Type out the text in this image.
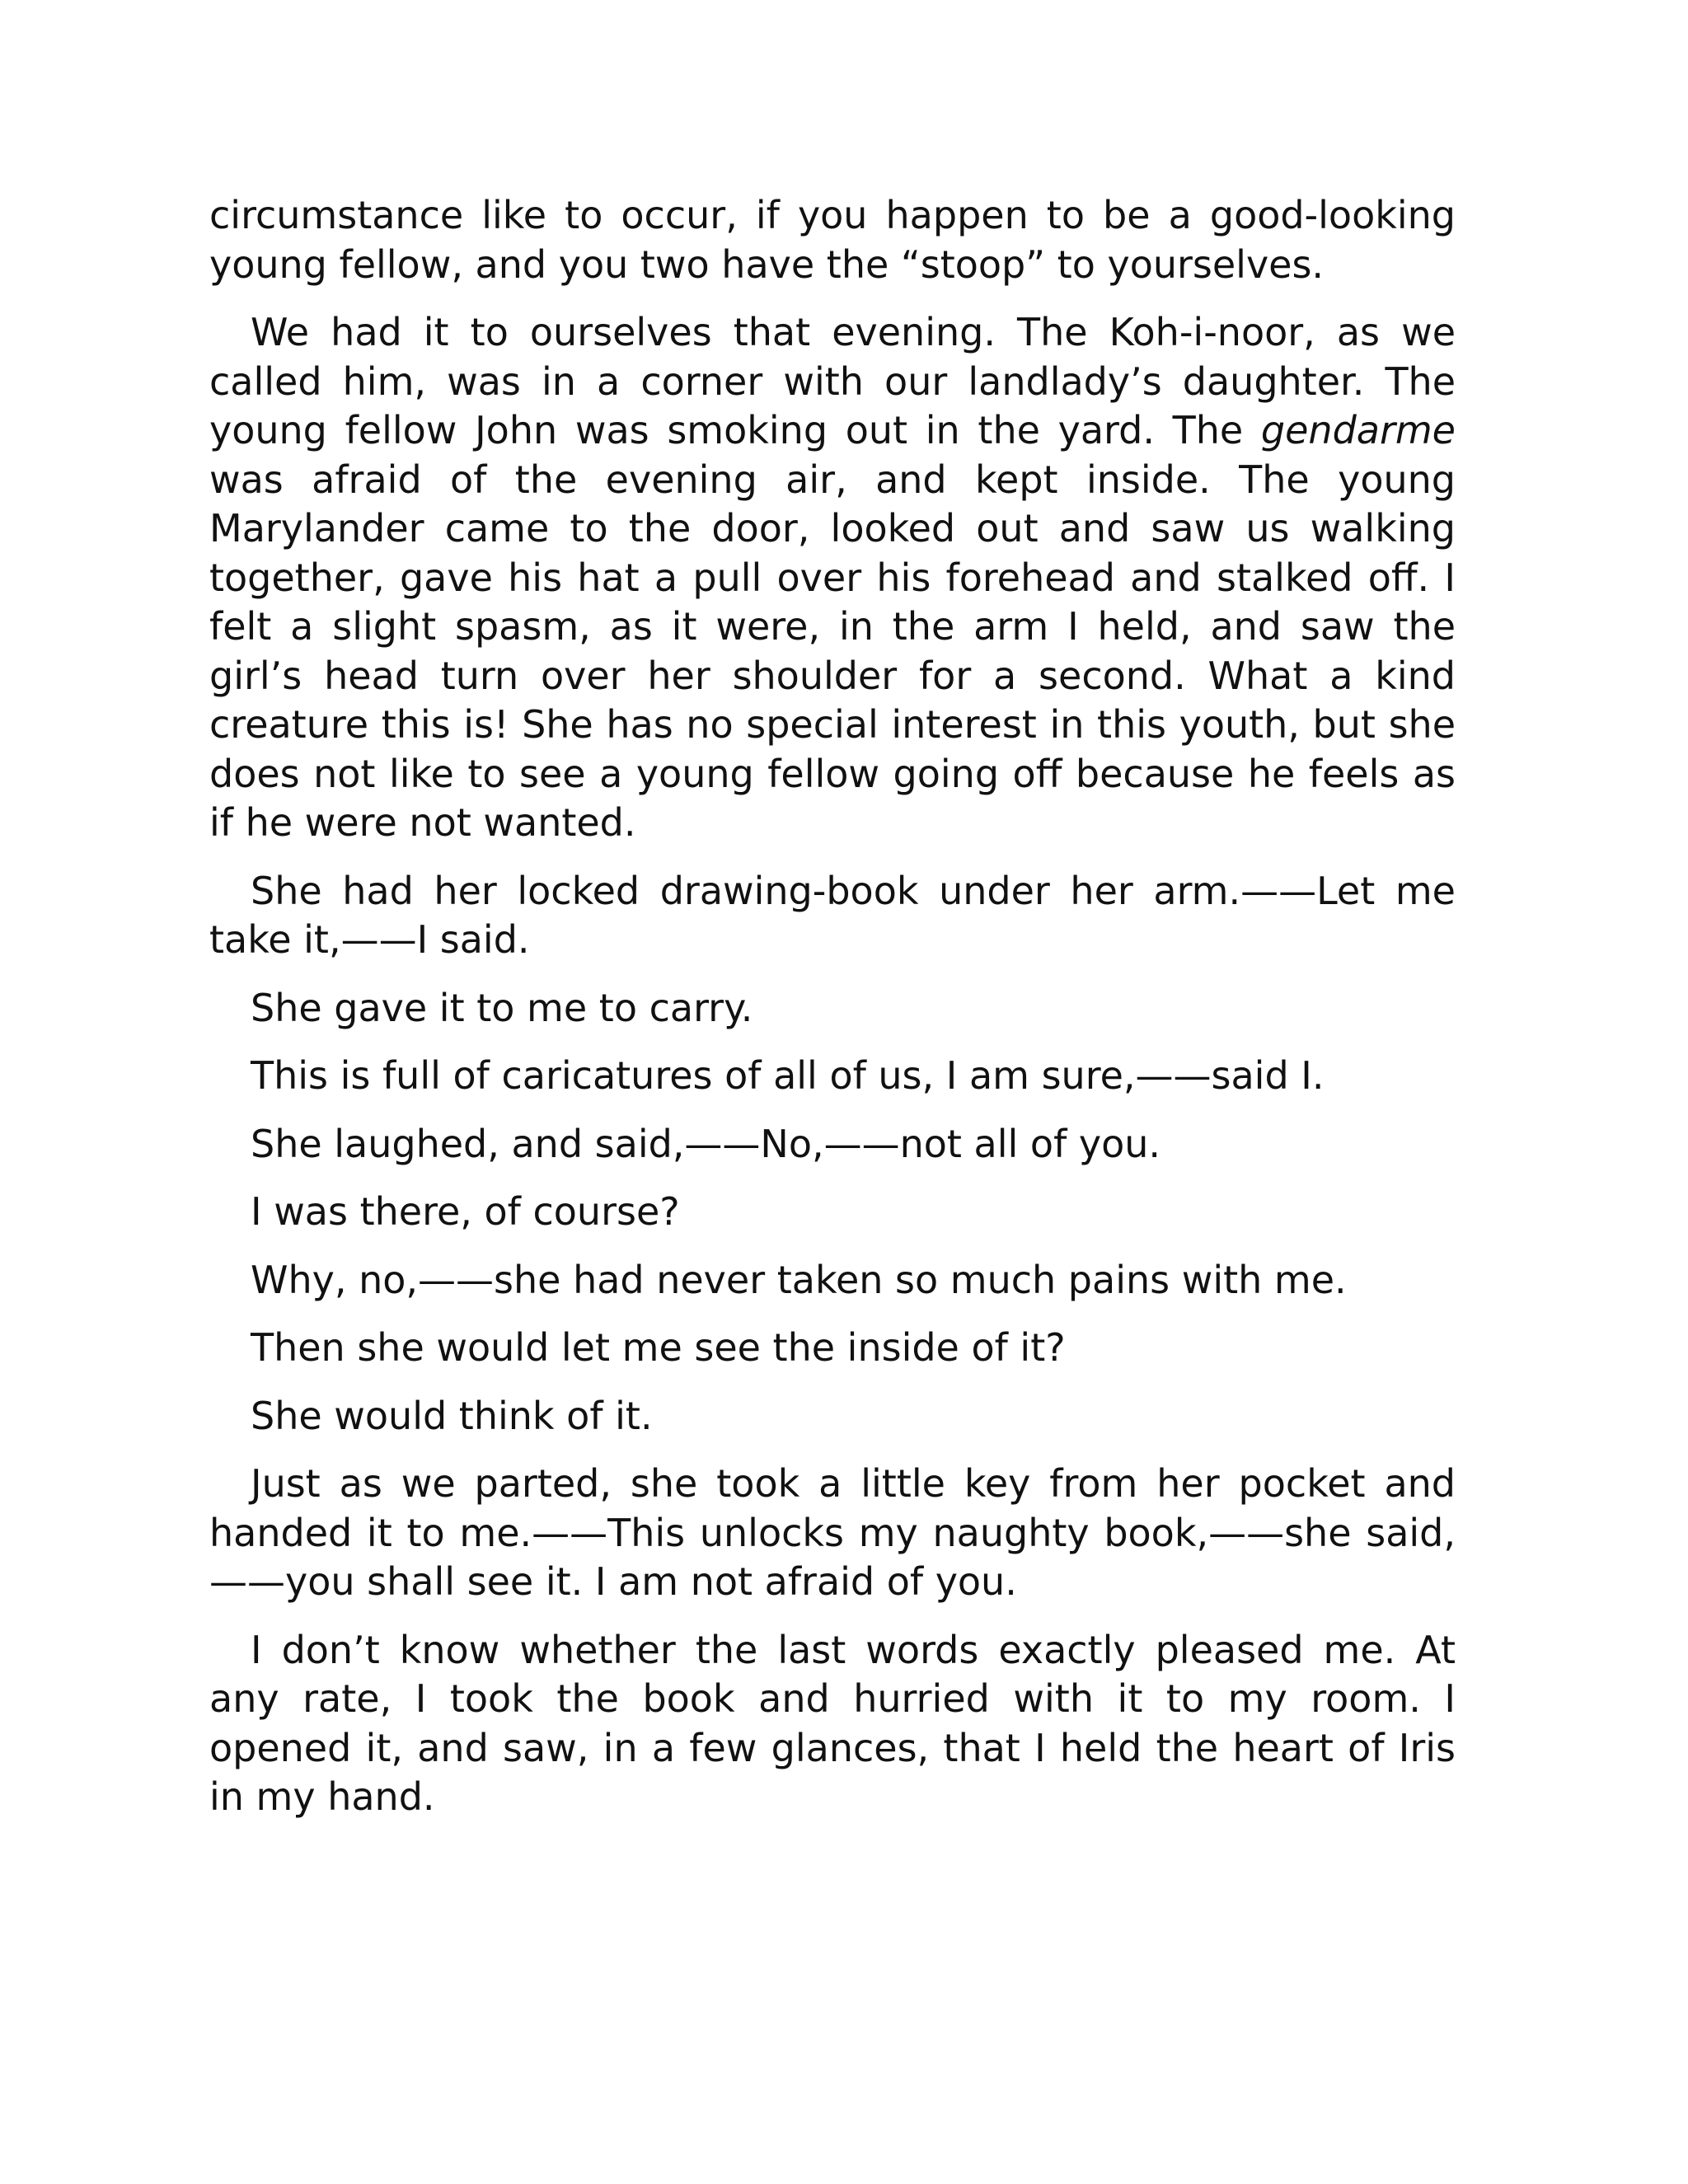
circumstance like to occur, if you happen to be a good-looking young fellow, and you two have the “stoop” to yourselves.

We had it to ourselves that evening. The Koh-i-noor, as we called him, was in a corner with our landlady’s daughter. The young fellow John was smoking out in the yard. The gendarme was afraid of the evening air, and kept inside. The young Marylander came to the door, looked out and saw us walking together, gave his hat a pull over his forehead and stalked off. I felt a slight spasm, as it were, in the arm I held, and saw the girl’s head turn over her shoulder for a second. What a kind creature this is! She has no special interest in this youth, but she does not like to see a young fellow going off because he feels as if he were not wanted.

She had her locked drawing-book under her arm.——Let me take it,——I said.

She gave it to me to carry.

This is full of caricatures of all of us, I am sure,——said I.

She laughed, and said,——No,——not all of you.

I was there, of course?

Why, no,——she had never taken so much pains with me.

Then she would let me see the inside of it?

She would think of it.

Just as we parted, she took a little key from her pocket and handed it to me.——This unlocks my naughty book,——she said,——you shall see it. I am not afraid of you.

I don’t know whether the last words exactly pleased me. At any rate, I took the book and hurried with it to my room. I opened it, and saw, in a few glances, that I held the heart of Iris in my hand.
